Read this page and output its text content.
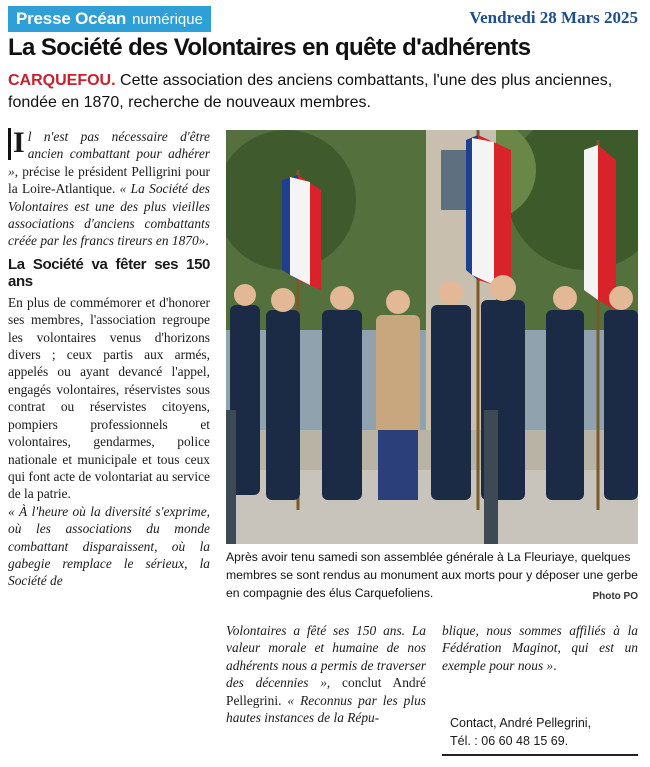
Presse Océan numérique	Vendredi 28 Mars 2025
La Société des Volontaires en quête d'adhérents

CARQUEFOU. Cette association des anciens combattants, l'une des plus anciennes, fondée en 1870, recherche de nouveaux membres.

I l n'est pas nécessaire d'être ancien combattant pour adhérer », précise le président Pelligrini pour la Loire-Atlantique. « La Société des Volontaires est une des plus vieilles associations d'anciens combattants créée par les francs tireurs en 1870».

La Société va fêter ses 150 ans

En plus de commémorer et d'honorer ses membres, l'association regroupe les volontaires venus d'horizons divers ; ceux partis aux armés, appelés ou ayant devancé l'appel, engagés volontaires, réservistes sous contrat ou réservistes citoyens, pompiers professionnels et volontaires, gendarmes, police nationale et municipale et tous ceux qui font acte de volontariat au service de la patrie.

« À l'heure où la diversité s'exprime, où les associations du monde combattant disparaissent, où la gabegie remplace le sérieux, la Société de

Après avoir tenu samedi son assemblée générale à La Fleuriaye, quelques membres se sont rendus au monument aux morts pour y déposer une gerbe en compagnie des élus Carquefoliens.	Photo PO

Volontaires a fêté ses 150 ans. La valeur morale et humaine de nos adhérents nous a permis de traverser des décennies », conclut André Pellegrini. « Reconnus par les plus hautes instances de la Répu-

blique, nous sommes affiliés à la Fédération Maginot, qui est un exemple pour nous ».

Contact, André Pellegrini,
Tél. : 06 60 48 15 69.
